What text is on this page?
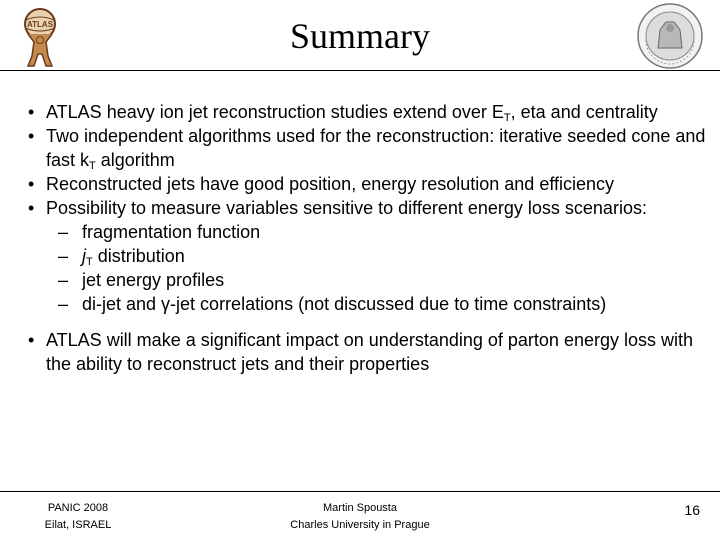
ATLAS	Summary

• ATLAS heavy ion jet reconstruction studies extend over $E_T$, eta and centrality

• Two independent algorithms used for the reconstruction: iterative seeded cone and fast $k_T$ algorithm

• Reconstructed jets have good position, energy resolution and efficiency

• Possibility to measure variables sensitive to different energy loss scenarios:

– fragmentation function

– $j_T$ distribution

– jet energy profiles

– di-jet and γ-jet correlations (not discussed due to time constraints)

• ATLAS will make a significant impact on understanding of parton energy loss with the ability to reconstruct jets and their properties

PANIC 2008
Eilat, ISRAEL
Martin Spousta
Charles University in Prague
16
